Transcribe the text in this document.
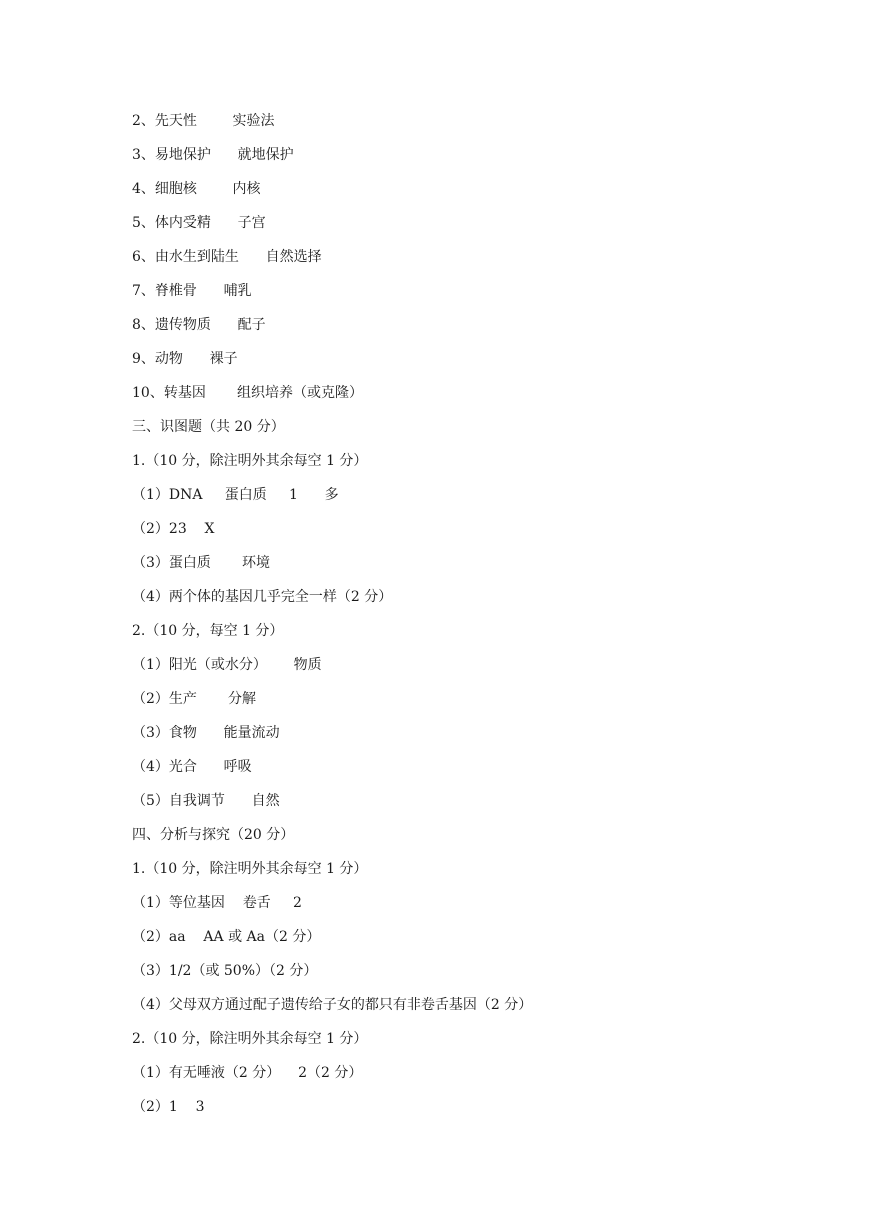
2、先天性        实验法
3、易地保护      就地保护
4、细胞核        内核
5、体内受精      子宫
6、由水生到陆生      自然选择
7、脊椎骨      哺乳
8、遗传物质      配子
9、动物      裸子
10、转基因       组织培养（或克隆）
三、识图题（共 20 分）
1.（10 分，除注明外其余每空 1 分）
（1）DNA     蛋白质     1      多
（2）23    X
（3）蛋白质       环境
（4）两个体的基因几乎完全一样（2 分）
2.（10 分，每空 1 分）
（1）阳光（或水分）      物质
（2）生产       分解
（3）食物      能量流动
（4）光合      呼吸
（5）自我调节      自然
四、分析与探究（20 分）
1.（10 分，除注明外其余每空 1 分）
（1）等位基因    卷舌     2
（2）aa    AA 或 Aa（2 分）
（3）1/2（或 50%）（2 分）
（4）父母双方通过配子遗传给子女的都只有非卷舌基因（2 分）
2.（10 分，除注明外其余每空 1 分）
（1）有无唾液（2 分）    2（2 分）
（2）1    3
